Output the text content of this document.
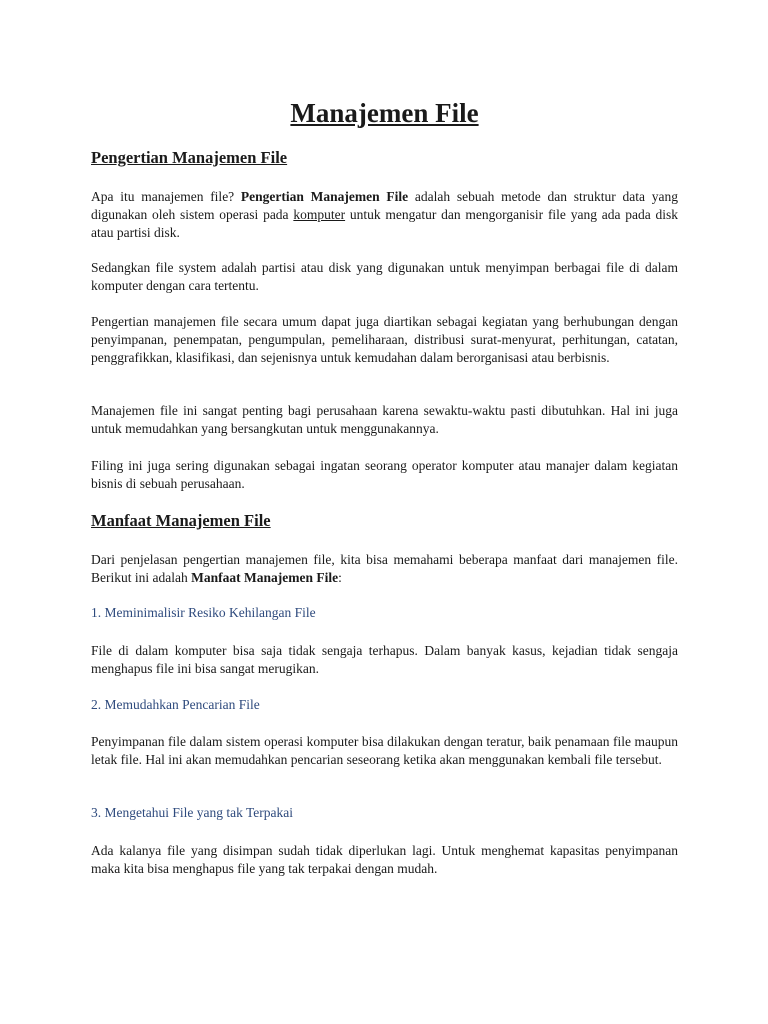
Manajemen File
Pengertian Manajemen File

Apa itu manajemen file? Pengertian Manajemen File adalah sebuah metode dan struktur data yang digunakan oleh sistem operasi pada komputer untuk mengatur dan mengorganisir file yang ada pada disk atau partisi disk.

Sedangkan file system adalah partisi atau disk yang digunakan untuk menyimpan berbagai file di dalam komputer dengan cara tertentu.

Pengertian manajemen file secara umum dapat juga diartikan sebagai kegiatan yang berhubungan dengan penyimpanan, penempatan, pengumpulan, pemeliharaan, distribusi surat-menyurat, perhitungan, catatan, penggrafikkan, klasifikasi, dan sejenisnya untuk kemudahan dalam berorganisasi atau berbisnis.

Manajemen file ini sangat penting bagi perusahaan karena sewaktu-waktu pasti dibutuhkan. Hal ini juga untuk memudahkan yang bersangkutan untuk menggunakannya.

Filing ini juga sering digunakan sebagai ingatan seorang operator komputer atau manajer dalam kegiatan bisnis di sebuah perusahaan.

Manfaat Manajemen File

Dari penjelasan pengertian manajemen file, kita bisa memahami beberapa manfaat dari manajemen file. Berikut ini adalah Manfaat Manajemen File:

1. Meminimalisir Resiko Kehilangan File

File di dalam komputer bisa saja tidak sengaja terhapus. Dalam banyak kasus, kejadian tidak sengaja menghapus file ini bisa sangat merugikan.

2. Memudahkan Pencarian File

Penyimpanan file dalam sistem operasi komputer bisa dilakukan dengan teratur, baik penamaan file maupun letak file. Hal ini akan memudahkan pencarian seseorang ketika akan menggunakan kembali file tersebut.

3. Mengetahui File yang tak Terpakai

Ada kalanya file yang disimpan sudah tidak diperlukan lagi. Untuk menghemat kapasitas penyimpanan maka kita bisa menghapus file yang tak terpakai dengan mudah.
